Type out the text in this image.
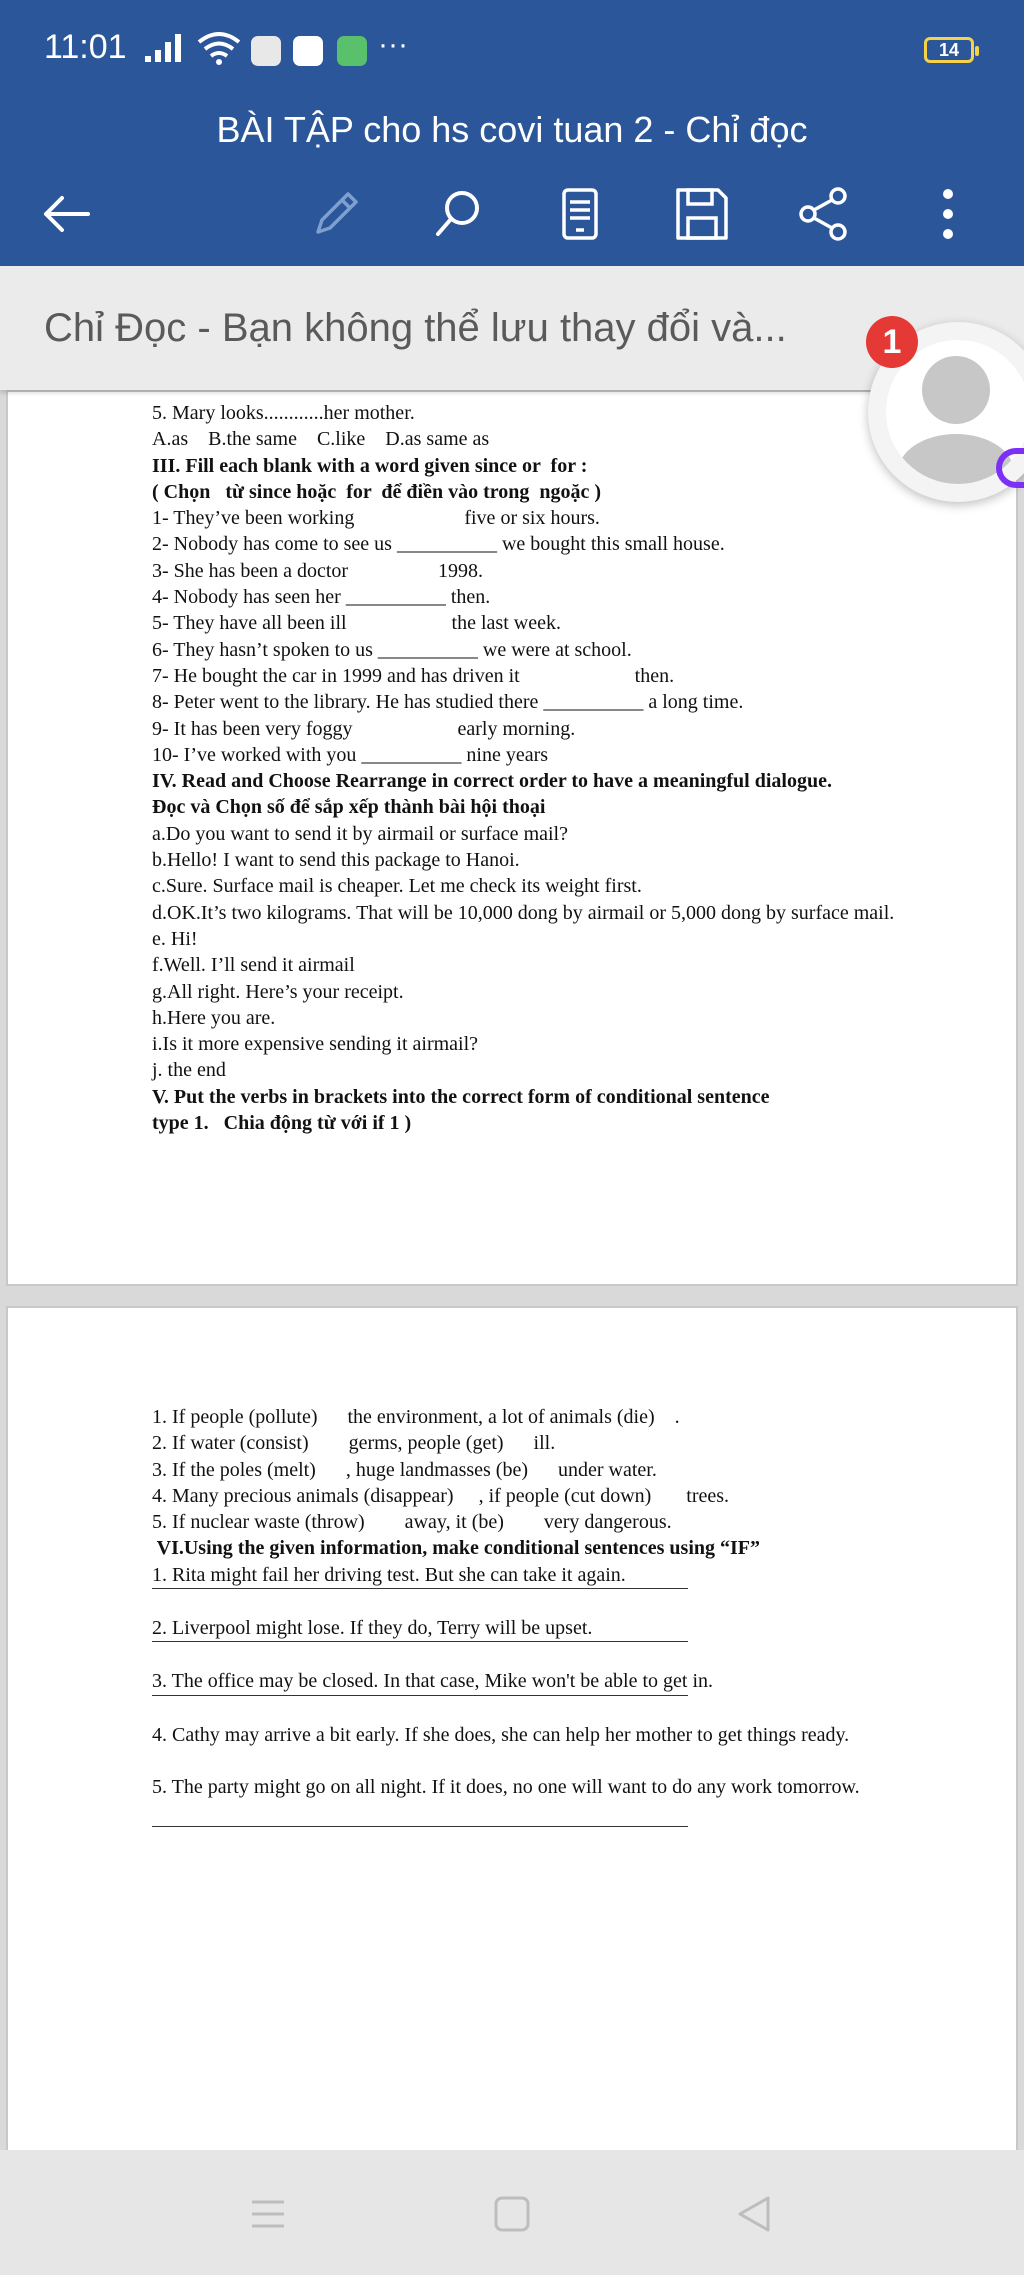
11:01	···	14
BÀI TẬP cho hs covi tuan 2 - Chỉ đọc
5. Mary looks............her mother.
A.as    B.the same    C.like    D.as same as
III. Fill each blank with a word given since or  for :
( Chọn   từ since hoặc  for  để điền vào trong  ngoặc )
1- They’ve been working                      five or six hours.
2- Nobody has come to see us __________ we bought this small house.
3- She has been a doctor                  1998.
4- Nobody has seen her __________ then.
5- They have all been ill                     the last week.
6- They hasn’t spoken to us __________ we were at school.
7- He bought the car in 1999 and has driven it                       then.
8- Peter went to the library. He has studied there __________ a long time.
9- It has been very foggy                     early morning.
10- I’ve worked with you __________ nine years
IV. Read and Choose Rearrange in correct order to have a meaningful dialogue.
Đọc và Chọn số để sắp xếp thành bài hội thoại
a.Do you want to send it by airmail or surface mail?
b.Hello! I want to send this package to Hanoi.
c.Sure. Surface mail is cheaper. Let me check its weight first.
d.OK.It’s two kilograms. That will be 10,000 dong by airmail or 5,000 dong by surface mail.
e. Hi!
f.Well. I’ll send it airmail
g.All right. Here’s your receipt.
h.Here you are.
i.Is it more expensive sending it airmail?
j. the end
V. Put the verbs in brackets into the correct form of conditional sentence
type 1.   Chia động từ với if 1 )
1. If people (pollute)      the environment, a lot of animals (die)    .
2. If water (consist)        germs, people (get)      ill.
3. If the poles (melt)      , huge landmasses (be)      under water.
4. Many precious animals (disappear)     , if people (cut down)       trees.
5. If nuclear waste (throw)        away, it (be)        very dangerous.
VI.Using the given information, make conditional sentences using “IF”
1. Rita might fail her driving test. But she can take it again.
2. Liverpool might lose. If they do, Terry will be upset.
3. The office may be closed. In that case, Mike won't be able to get in.
4. Cathy may arrive a bit early. If she does, she can help her mother to get things ready.
5. The party might go on all night. If it does, no one will want to do any work tomorrow.
Chỉ Đọc - Bạn không thể lưu thay đổi và...	1
